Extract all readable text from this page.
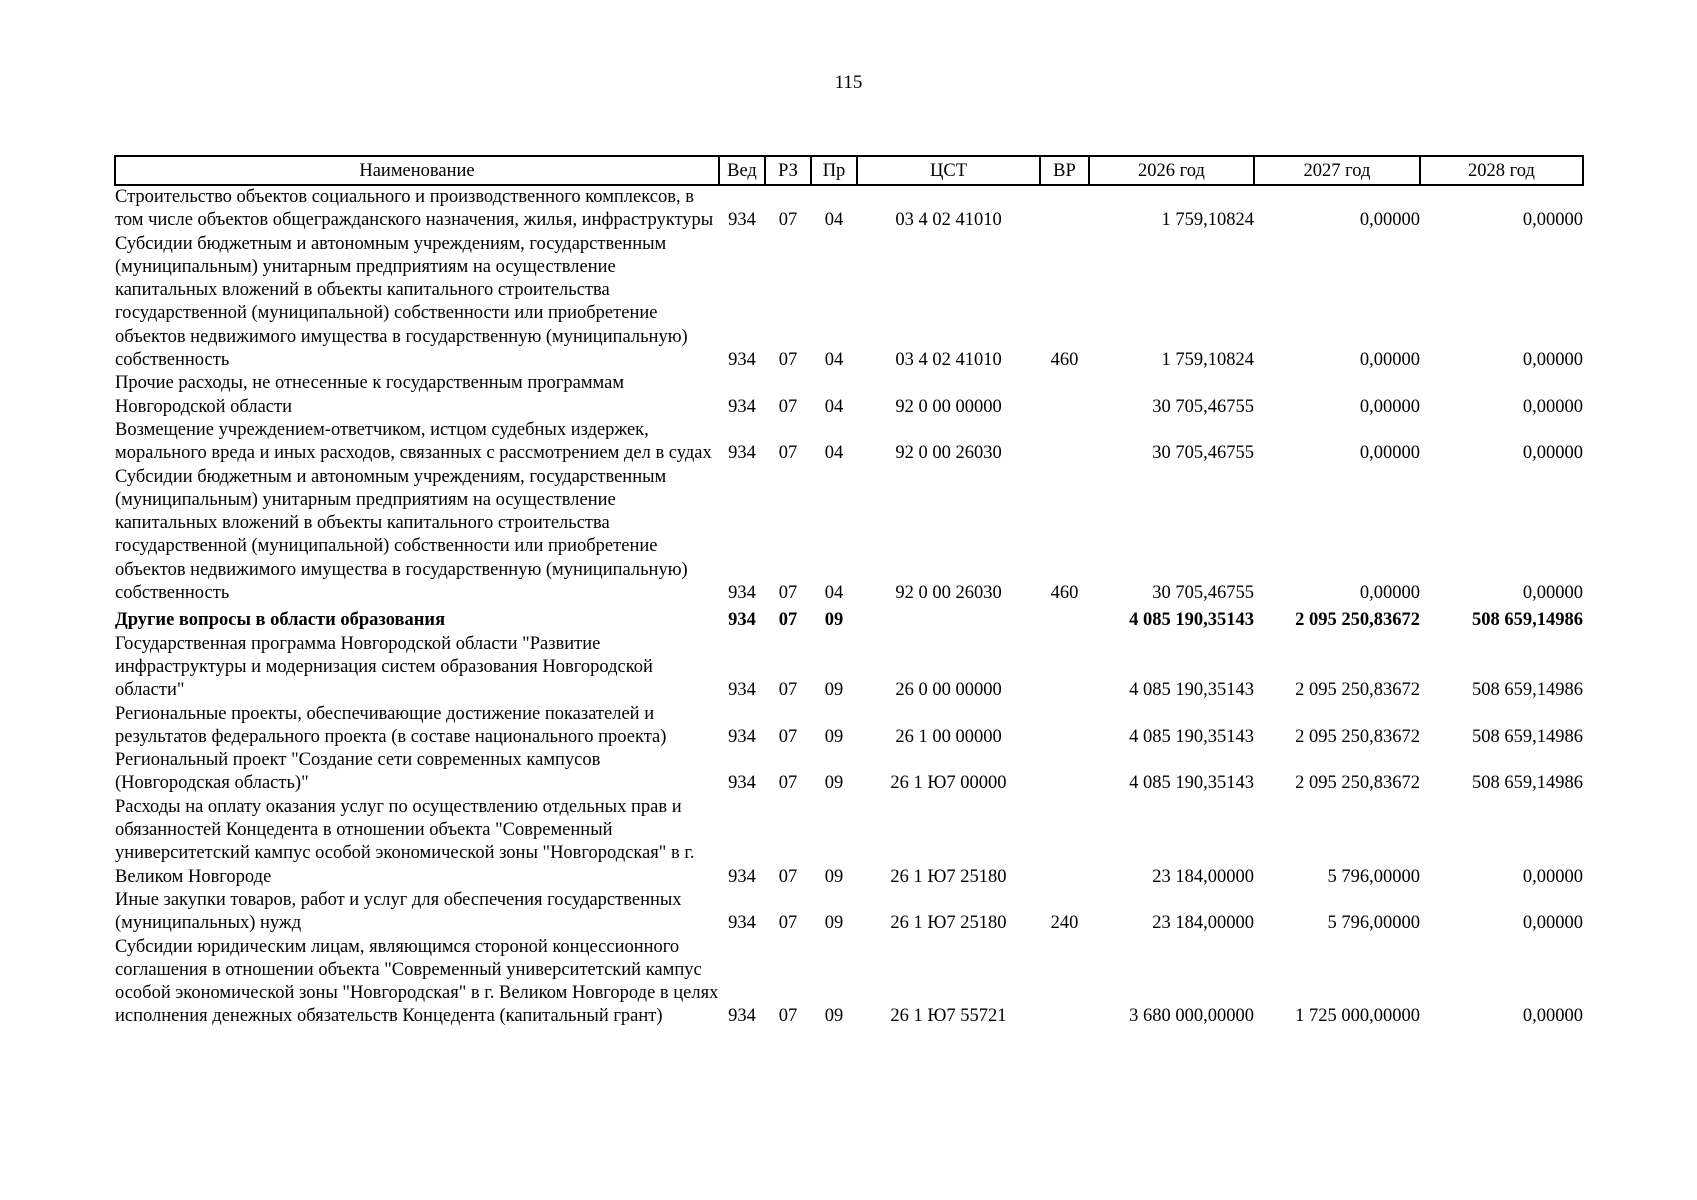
115
Наименование	Вед	РЗ	Пр	ЦСТ	ВР	2026 год	2027 год	2028 год
Строительство объектов социального и производственного комплексов, в том числе объектов общегражданского назначения, жилья, инфраструктуры	934	07	04	03 4 02 41010		1 759,10824	0,00000	0,00000
Субсидии бюджетным и автономным учреждениям, государственным (муниципальным) унитарным предприятиям на осуществление капитальных вложений в объекты капитального строительства государственной (муниципальной) собственности или приобретение объектов недвижимого имущества в государственную (муниципальную) собственность	934	07	04	03 4 02 41010	460	1 759,10824	0,00000	0,00000
Прочие расходы, не отнесенные к государственным программам Новгородской области	934	07	04	92 0 00 00000		30 705,46755	0,00000	0,00000
Возмещение учреждением-ответчиком, истцом судебных издержек, морального вреда и иных расходов, связанных с рассмотрением дел в судах	934	07	04	92 0 00 26030		30 705,46755	0,00000	0,00000
Субсидии бюджетным и автономным учреждениям, государственным (муниципальным) унитарным предприятиям на осуществление капитальных вложений в объекты капитального строительства государственной (муниципальной) собственности или приобретение объектов недвижимого имущества в государственную (муниципальную) собственность	934	07	04	92 0 00 26030	460	30 705,46755	0,00000	0,00000
Другие вопросы в области образования	934	07	09			4 085 190,35143	2 095 250,83672	508 659,14986
Государственная программа Новгородской области "Развитие инфраструктуры и модернизация систем образования Новгородской области"	934	07	09	26 0 00 00000		4 085 190,35143	2 095 250,83672	508 659,14986
Региональные проекты, обеспечивающие достижение показателей и результатов федерального проекта (в составе национального проекта)	934	07	09	26 1 00 00000		4 085 190,35143	2 095 250,83672	508 659,14986
Региональный проект "Создание сети современных кампусов (Новгородская область)"	934	07	09	26 1 Ю7 00000		4 085 190,35143	2 095 250,83672	508 659,14986
Расходы на оплату оказания услуг по осуществлению отдельных прав и обязанностей Концедента в отношении объекта "Современный университетский кампус особой экономической зоны "Новгородская" в г. Великом Новгороде	934	07	09	26 1 Ю7 25180		23 184,00000	5 796,00000	0,00000
Иные закупки товаров, работ и услуг для обеспечения государственных (муниципальных) нужд	934	07	09	26 1 Ю7 25180	240	23 184,00000	5 796,00000	0,00000
Субсидии юридическим лицам, являющимся стороной концессионного соглашения в отношении объекта "Современный университетский кампус особой экономической зоны "Новгородская" в г. Великом Новгороде в целях исполнения денежных обязательств Концедента (капитальный грант)	934	07	09	26 1 Ю7 55721		3 680 000,00000	1 725 000,00000	0,00000
